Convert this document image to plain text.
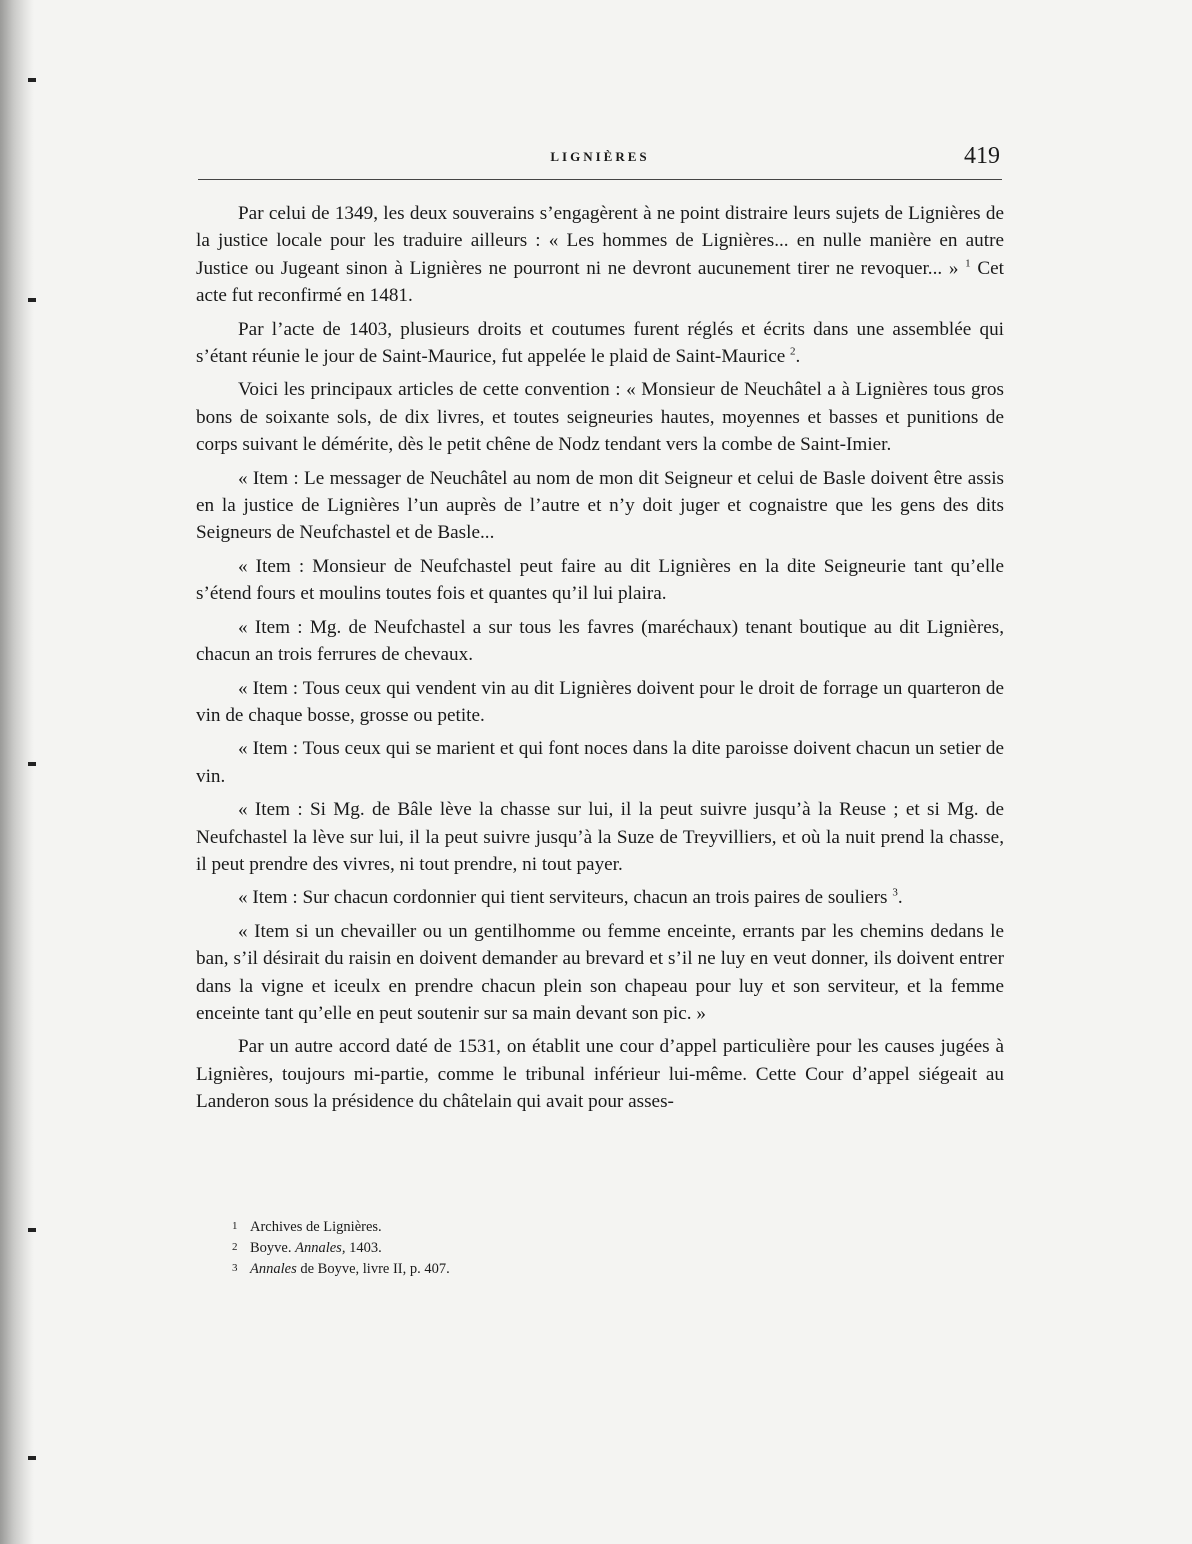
LIGNIÈRES	419

Par celui de 1349, les deux souverains s’engagèrent à ne point distraire leurs sujets de Lignières de la justice locale pour les traduire ailleurs : « Les hommes de Lignières... en nulle manière en autre Justice ou Jugeant sinon à Lignières ne pourront ni ne devront aucunement tirer ne revoquer... » $^1$ Cet acte fut reconfirmé en 1481.

Par l’acte de 1403, plusieurs droits et coutumes furent réglés et écrits dans une assemblée qui s’étant réunie le jour de Saint-Maurice, fut appelée le plaid de Saint-Maurice $^2$.

Voici les principaux articles de cette convention : « Monsieur de Neuchâtel a à Lignières tous gros bons de soixante sols, de dix livres, et toutes seigneuries hautes, moyennes et basses et punitions de corps suivant le démérite, dès le petit chêne de Nodz tendant vers la combe de Saint-Imier.

« Item : Le messager de Neuchâtel au nom de mon dit Seigneur et celui de Basle doivent être assis en la justice de Lignières l’un auprès de l’autre et n’y doit juger et cognaistre que les gens des dits Seigneurs de Neufchastel et de Basle...

« Item : Monsieur de Neufchastel peut faire au dit Lignières en la dite Seigneurie tant qu’elle s’étend fours et moulins toutes fois et quantes qu’il lui plaira.

« Item : Mg. de Neufchastel a sur tous les favres (maréchaux) tenant boutique au dit Lignières, chacun an trois ferrures de chevaux.

« Item : Tous ceux qui vendent vin au dit Lignières doivent pour le droit de forrage un quarteron de vin de chaque bosse, grosse ou petite.

« Item : Tous ceux qui se marient et qui font noces dans la dite paroisse doivent chacun un setier de vin.

« Item : Si Mg. de Bâle lève la chasse sur lui, il la peut suivre jusqu’à la Reuse ; et si Mg. de Neufchastel la lève sur lui, il la peut suivre jusqu’à la Suze de Treyvilliers, et où la nuit prend la chasse, il peut prendre des vivres, ni tout prendre, ni tout payer.

« Item : Sur chacun cordonnier qui tient serviteurs, chacun an trois paires de souliers $^3$.

« Item si un chevailler ou un gentilhomme ou femme enceinte, errants par les chemins dedans le ban, s’il désirait du raisin en doivent demander au brevard et s’il ne luy en veut donner, ils doivent entrer dans la vigne et iceulx en prendre chacun plein son chapeau pour luy et son serviteur, et la femme enceinte tant qu’elle en peut soutenir sur sa main devant son pic. »

Par un autre accord daté de 1531, on établit une cour d’appel particulière pour les causes jugées à Lignières, toujours mi-partie, comme le tribunal inférieur lui-même. Cette Cour d’appel siégeait au Landeron sous la présidence du châtelain qui avait pour asses-

1 Archives de Lignières.
2 Boyve. Annales, 1403.
3 Annales de Boyve, livre II, p. 407.
